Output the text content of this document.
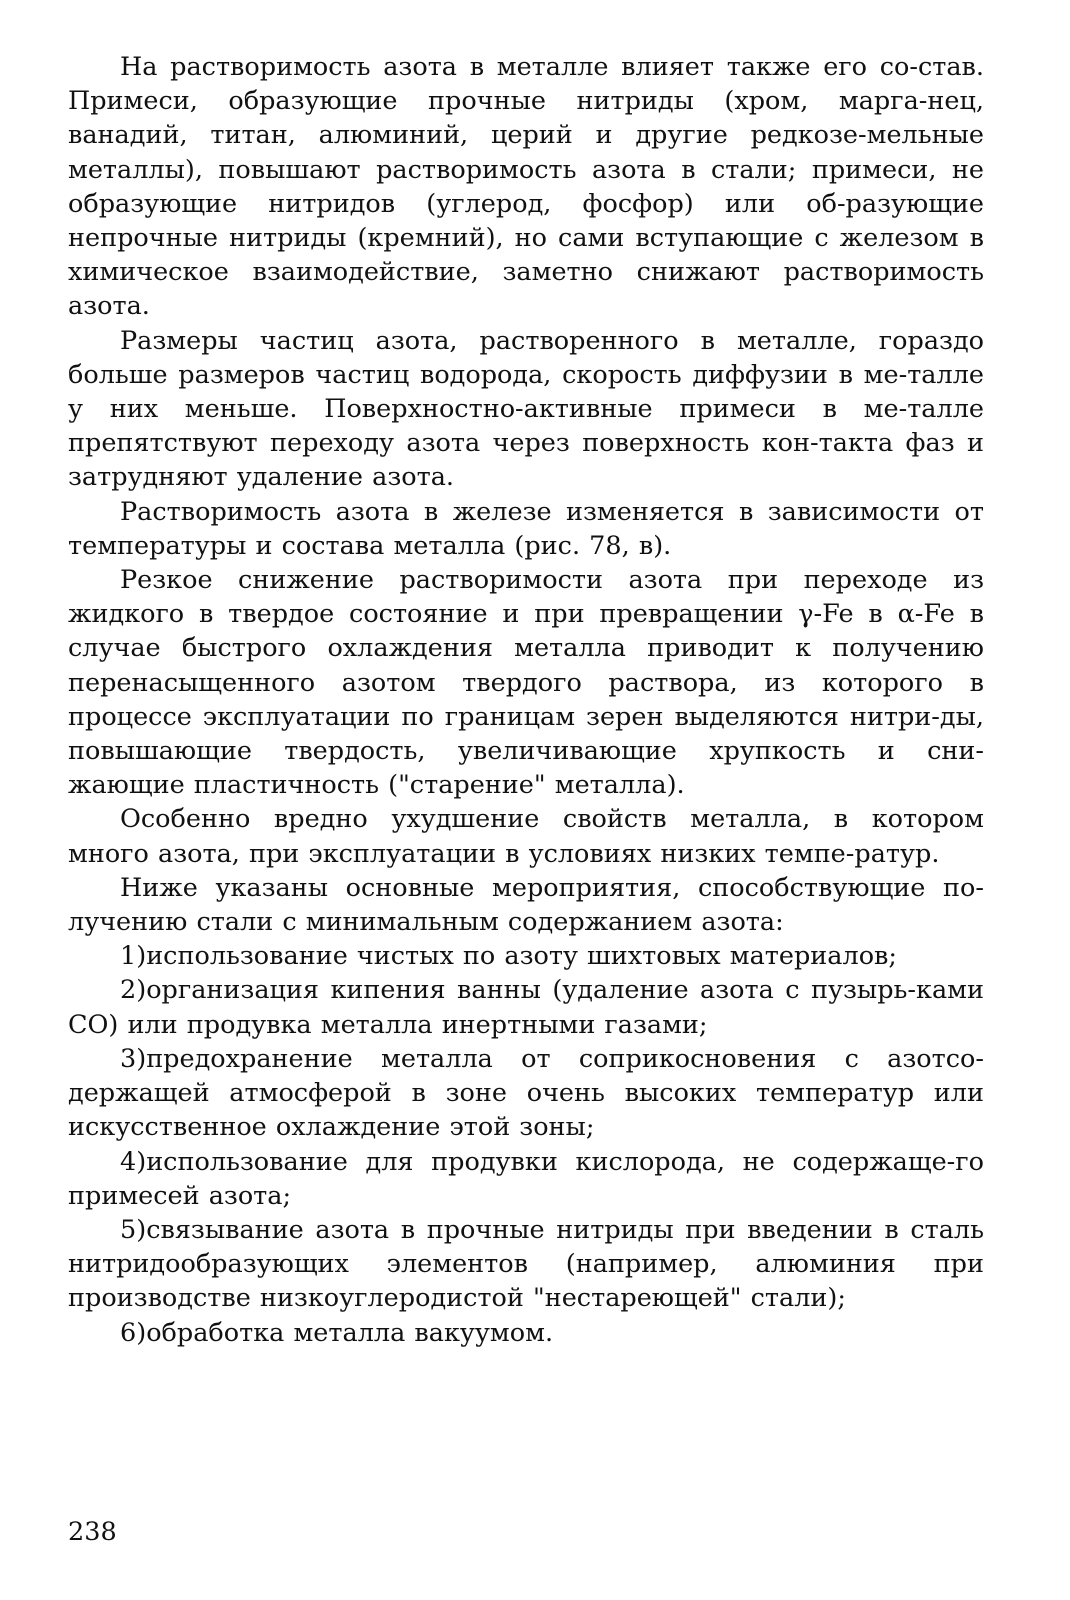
На растворимость азота в металле влияет также его со-став. Примеси, образующие прочные нитриды (хром, марга-нец, ванадий, титан, алюминий, церий и другие редкозе-мельные металлы), повышают растворимость азота в стали; примеси, не образующие нитридов (углерод, фосфор) или об-разующие непрочные нитриды (кремний), но сами вступающие с железом в химическое взаимодействие, заметно снижают растворимость азота.

Размеры частиц азота, растворенного в металле, гораздо больше размеров частиц водорода, скорость диффузии в ме-талле у них меньше. Поверхностно-активные примеси в ме-талле препятствуют переходу азота через поверхность кон-такта фаз и затрудняют удаление азота.

Растворимость азота в железе изменяется в зависимости от температуры и состава металла (рис. 78, в).

Резкое снижение растворимости азота при переходе из жидкого в твердое состояние и при превращении γ-Fe в α-Fe в случае быстрого охлаждения металла приводит к получению перенасыщенного азотом твердого раствора, из которого в процессе эксплуатации по границам зерен выделяются нитри-ды, повышающие твердость, увеличивающие хрупкость и сни-жающие пластичность ("старение" металла).

Особенно вредно ухудшение свойств металла, в котором много азота, при эксплуатации в условиях низких темпе-ратур.

Ниже указаны основные мероприятия, способствующие по-лучению стали с минимальным содержанием азота:

1)использование чистых по азоту шихтовых материалов;

2)организация кипения ванны (удаление азота с пузырь-ками CO) или продувка металла инертными газами;

3)предохранение металла от соприкосновения с азотсо-держащей атмосферой в зоне очень высоких температур или искусственное охлаждение этой зоны;

4)использование для продувки кислорода, не содержаще-го примесей азота;

5)связывание азота в прочные нитриды при введении в сталь нитридообразующих элементов (например, алюминия при производстве низкоуглеродистой "нестареющей" стали);

6)обработка металла вакуумом.

238
